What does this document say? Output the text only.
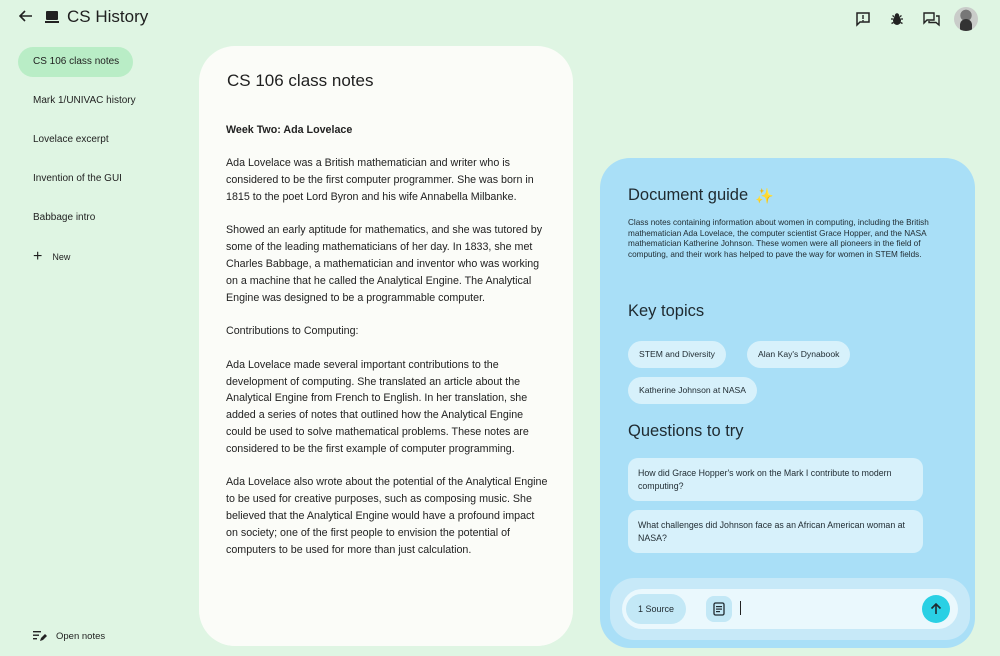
CS History
CS 106 class notes
Mark 1/UNIVAC history
Lovelace excerpt
Invention of the GUI
Babbage intro
+ New
Open notes
CS 106 class notes

Week Two: Ada Lovelace

Ada Lovelace was a British mathematician and writer who is considered to be the first computer programmer. She was born in 1815 to the poet Lord Byron and his wife Annabella Milbanke.

Showed an early aptitude for mathematics, and she was tutored by some of the leading mathematicians of her day. In 1833, she met Charles Babbage, a mathematician and inventor who was working on a machine that he called the Analytical Engine. The Analytical Engine was designed to be a programmable computer.

Contributions to Computing:

Ada Lovelace made several important contributions to the development of computing. She translated an article about the Analytical Engine from French to English. In her translation, she added a series of notes that outlined how the Analytical Engine could be used to solve mathematical problems. These notes are considered to be the first example of computer programming.

Ada Lovelace also wrote about the potential of the Analytical Engine to be used for creative purposes, such as composing music. She believed that the Analytical Engine would have a profound impact on society; one of the first people to envision the potential of computers to be used for more than just calculation.

Document guide ✨
Class notes containing information about women in computing, including the British mathematician Ada Lovelace, the computer scientist Grace Hopper, and the NASA mathematician Katherine Johnson. These women were all pioneers in the field of computing, and their work has helped to pave the way for women in STEM fields.
Key topics
STEM and Diversity	Alan Kay's Dynabook
Katherine Johnson at NASA
Questions to try
How did Grace Hopper's work on the Mark I contribute to modern computing?
What challenges did Johnson face as an African American woman at NASA?
1 Source
